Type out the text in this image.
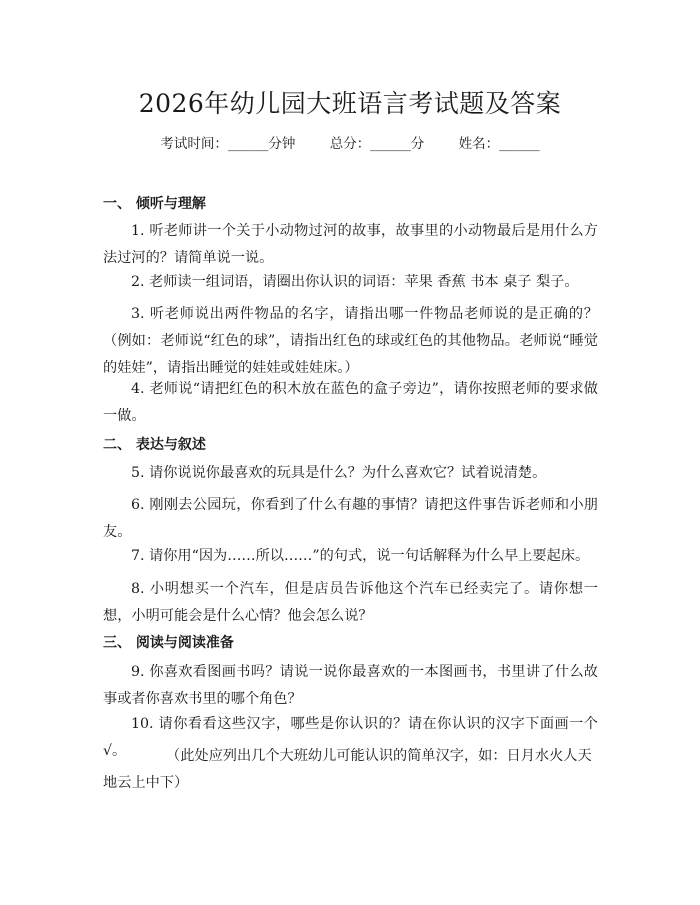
2026年幼儿园大班语言考试题及答案
考试时间：______分钟	总分：______分	姓名：______
一、 倾听与理解
1. 听老师讲一个关于小动物过河的故事，故事里的小动物最后是用什么方法过河的？请简单说一说。
2. 老师读一组词语，请圈出你认识的词语：苹果 香蕉 书本 桌子 梨子。
3. 听老师说出两件物品的名字，请指出哪一件物品老师说的是正确的？（例如：老师说“红色的球”，请指出红色的球或红色的其他物品。老师说“睡觉的娃娃”，请指出睡觉的娃娃或娃娃床。）
4. 老师说“请把红色的积木放在蓝色的盒子旁边”，请你按照老师的要求做一做。
二、 表达与叙述
5. 请你说说你最喜欢的玩具是什么？为什么喜欢它？试着说清楚。
6. 刚刚去公园玩，你看到了什么有趣的事情？请把这件事告诉老师和小朋友。
7. 请你用“因为……所以……”的句式，说一句话解释为什么早上要起床。
8. 小明想买一个汽车，但是店员告诉他这个汽车已经卖完了。请你想一想，小明可能会是什么心情？他会怎么说？
三、 阅读与阅读准备
9. 你喜欢看图画书吗？请说一说你最喜欢的一本图画书，书里讲了什么故事或者你喜欢书里的哪个角色？
10. 请你看看这些汉字，哪些是你认识的？请在你认识的汉字下面画一个√。	（此处应列出几个大班幼儿可能认识的简单汉字，如：日月水火人天地云上中下）
